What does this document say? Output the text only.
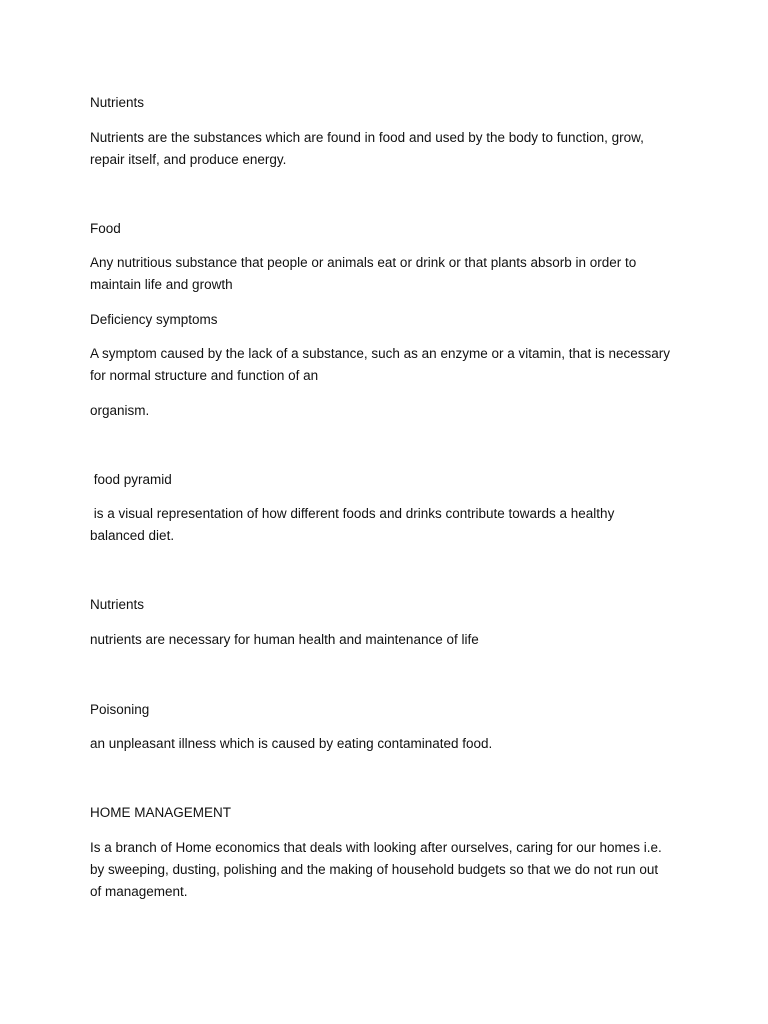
Nutrients

Nutrients are the substances which are found in food and used by the body to function, grow,

repair itself, and produce energy.

Food

Any nutritious substance that people or animals eat or drink or that plants absorb in order to

maintain life and growth

Deficiency symptoms

A symptom caused by the lack of a substance, such as an enzyme or a vitamin, that is necessary

for normal structure and function of an

organism.

food pyramid

is a visual representation of how different foods and drinks contribute towards a healthy

balanced diet.

Nutrients

nutrients are necessary for human health and maintenance of life

Poisoning

an unpleasant illness which is caused by eating contaminated food.

HOME MANAGEMENT

Is a branch of Home economics that deals with looking after ourselves, caring for our homes i.e.

by sweeping, dusting, polishing and the making of household budgets so that we do not run out

of management.
